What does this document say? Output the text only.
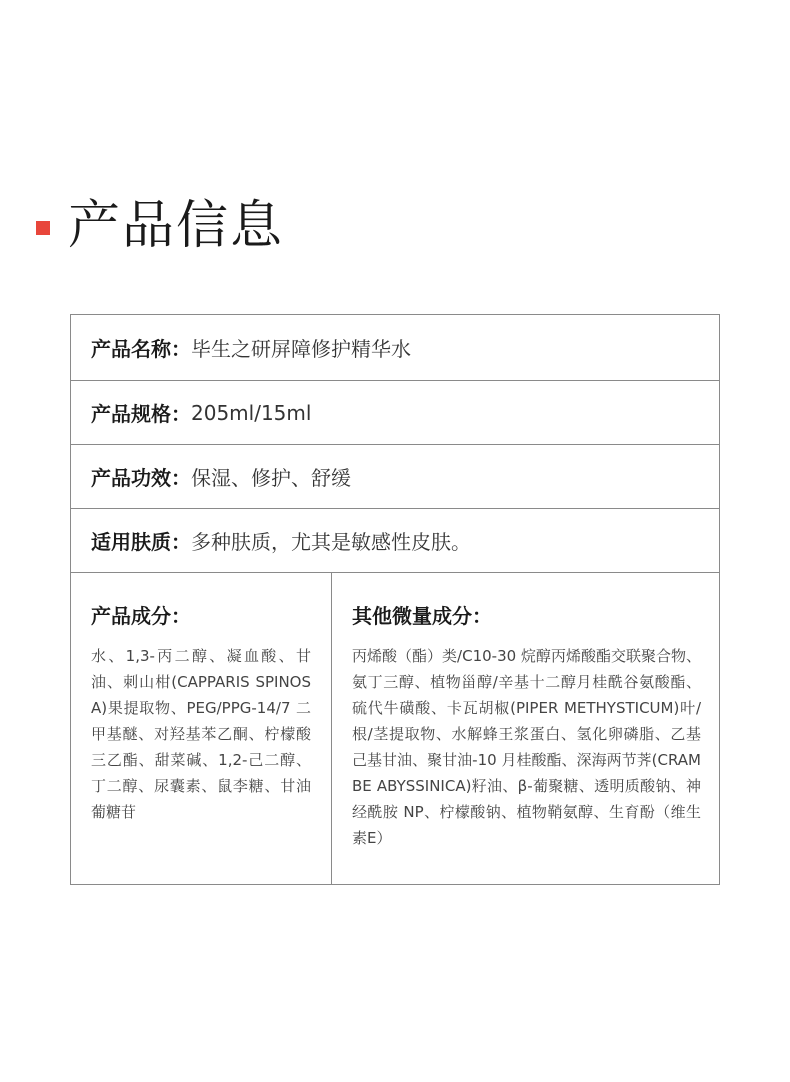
产品信息
产品名称： 毕生之研屏障修护精华水
产品规格： 205ml/15ml
产品功效： 保湿、修护、舒缓
适用肤质： 多种肤质，尤其是敏感性皮肤。

产品成分：

水、1,3-丙二醇、凝血酸、甘油、刺山柑(CAPPARIS SPINOSA)果提取物、PEG/PPG-14/7 二甲基醚、对羟基苯乙酮、柠檬酸三乙酯、甜菜碱、1,2-己二醇、丁二醇、尿囊素、鼠李糖、甘油葡糖苷

其他微量成分：

丙烯酸（酯）类/C10-30 烷醇丙烯酸酯交联聚合物、氨丁三醇、植物甾醇/辛基十二醇月桂酰谷氨酸酯、硫代牛磺酸、卡瓦胡椒(PIPER METHYSTICUM)叶/根/茎提取物、水解蜂王浆蛋白、氢化卵磷脂、乙基己基甘油、聚甘油-10 月桂酸酯、深海两节荠(CRAMBE ABYSSINICA)籽油、β-葡聚糖、透明质酸钠、神经酰胺 NP、柠檬酸钠、植物鞘氨醇、生育酚（维生素E）
